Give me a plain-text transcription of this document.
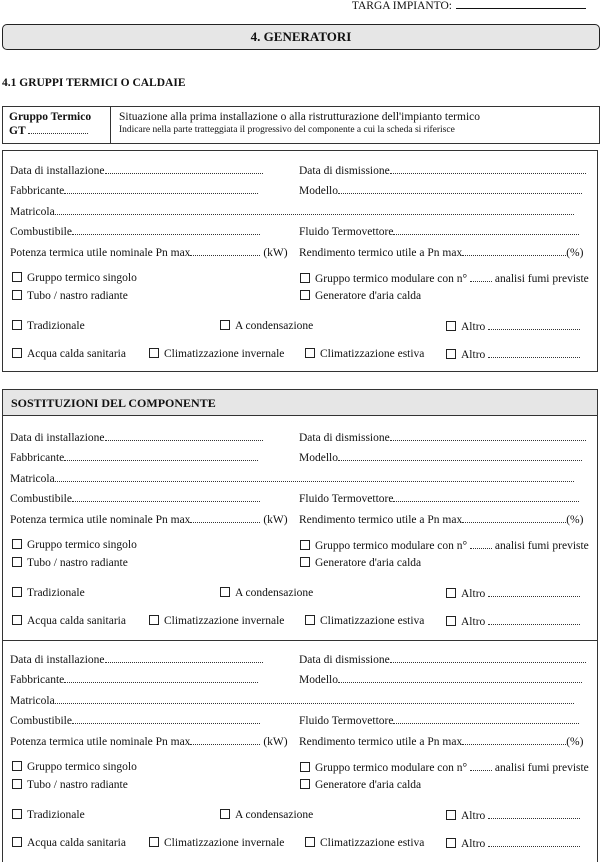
TARGA IMPIANTO:
4. GENERATORI
4.1 GRUPPI TERMICI O CALDAIE
Gruppo Termico
GT
Situazione alla prima installazione o alla ristrutturazione dell'impianto termico
Indicare nella parte tratteggiata il progressivo del componente a cui la scheda si riferisce
SOSTITUZIONI DEL COMPONENTE
Data di installazione	Data di dismissione
Fabbricante	Modello
Matricola
Combustibile	Fluido Termovettore
Potenza termica utile nominale Pn max	(kW) Rendimento termico utile a Pn max	(%)
Gruppo termico singolo	Gruppo termico modulare con n° analisi fumi previste
Tubo / nastro radiante	Generatore d'aria calda
Tradizionale	A condensazione	Altro
Acqua calda sanitaria	Climatizzazione invernale	Climatizzazione estiva	Altro
Data di installazione	Data di dismissione
Fabbricante	Modello
Matricola
Combustibile	Fluido Termovettore
Potenza termica utile nominale Pn max	(kW) Rendimento termico utile a Pn max	(%)
Gruppo termico singolo	Gruppo termico modulare con n° analisi fumi previste
Tubo / nastro radiante	Generatore d'aria calda
Tradizionale	A condensazione	Altro
Acqua calda sanitaria	Climatizzazione invernale	Climatizzazione estiva	Altro
Data di installazione	Data di dismissione
Fabbricante	Modello
Matricola
Combustibile	Fluido Termovettore
Potenza termica utile nominale Pn max	(kW) Rendimento termico utile a Pn max	(%)
Gruppo termico singolo	Gruppo termico modulare con n° analisi fumi previste
Tubo / nastro radiante	Generatore d'aria calda
Tradizionale	A condensazione	Altro
Acqua calda sanitaria	Climatizzazione invernale	Climatizzazione estiva	Altro
